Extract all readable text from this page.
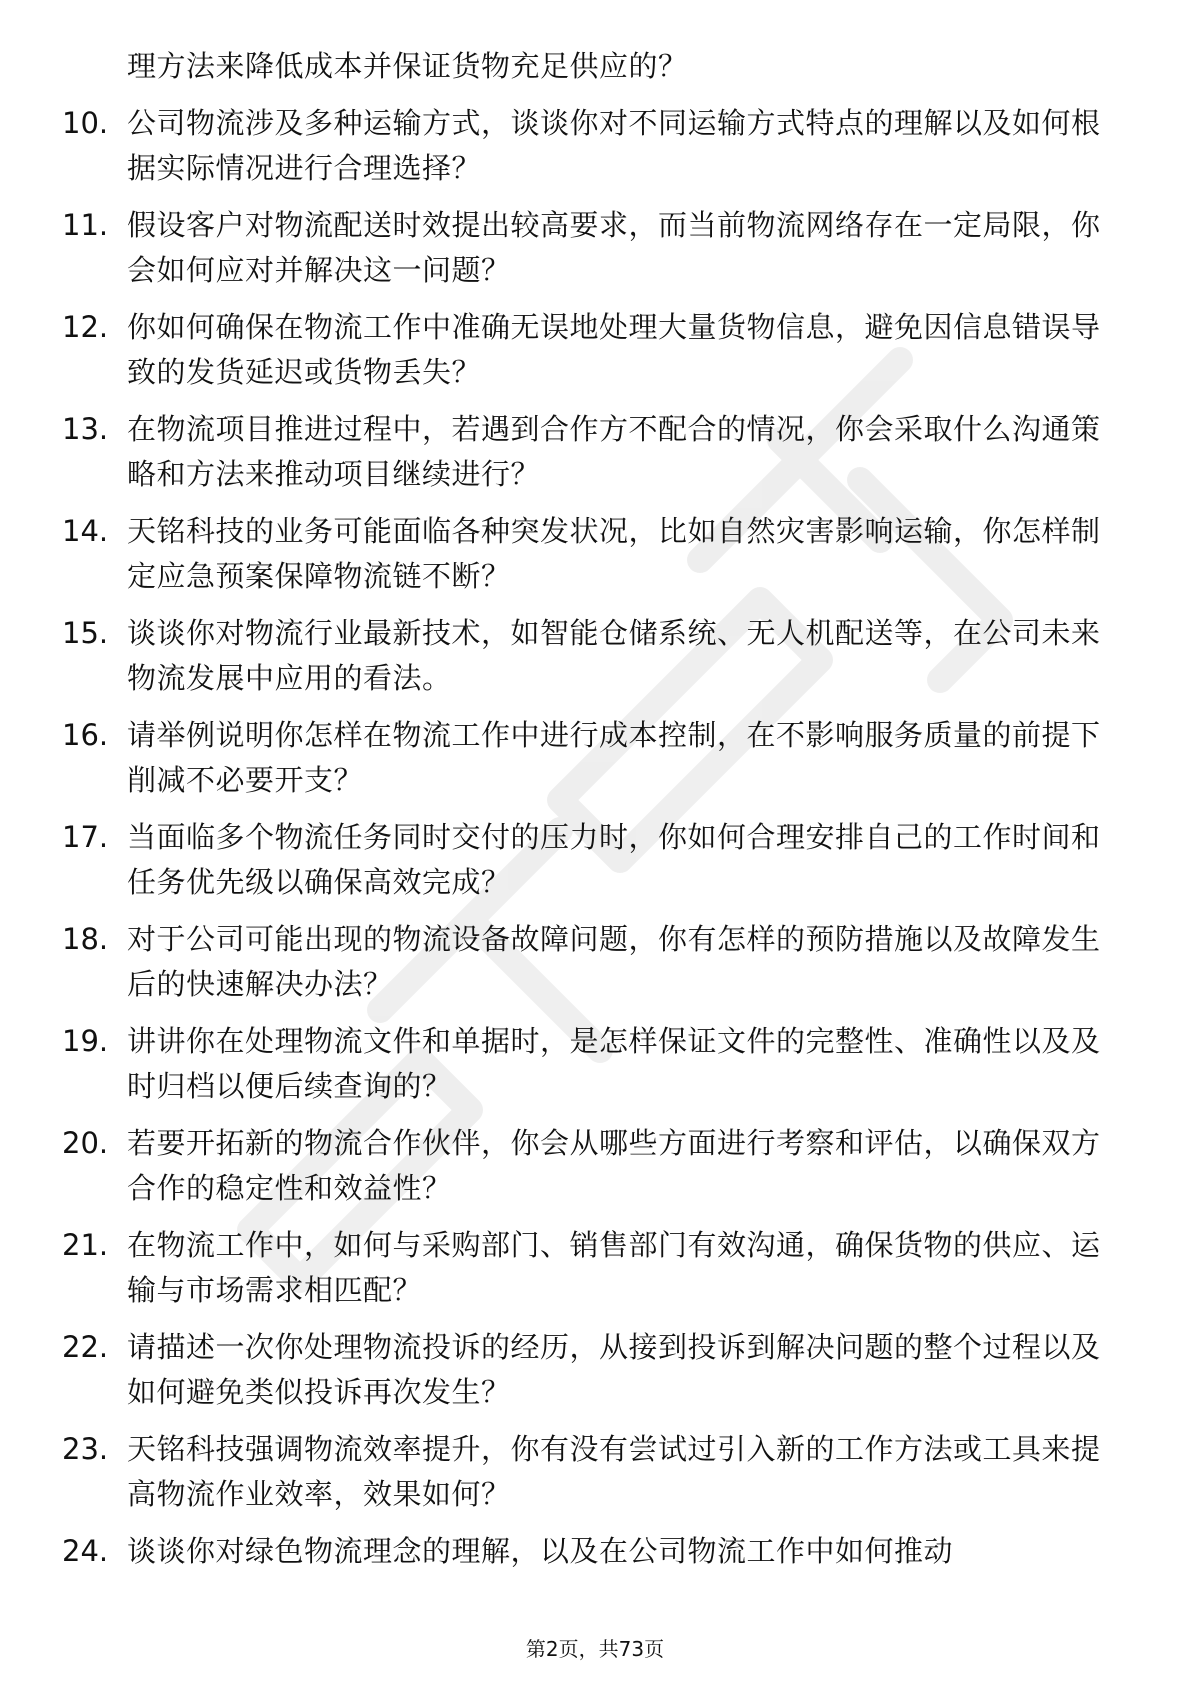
理方法来降低成本并保证货物充足供应的？
10. 公司物流涉及多种运输方式，谈谈你对不同运输方式特点的理解以及如何根据实际情况进行合理选择？
11. 假设客户对物流配送时效提出较高要求，而当前物流网络存在一定局限，你会如何应对并解决这一问题？
12. 你如何确保在物流工作中准确无误地处理大量货物信息，避免因信息错误导致的发货延迟或货物丢失？
13. 在物流项目推进过程中，若遇到合作方不配合的情况，你会采取什么沟通策略和方法来推动项目继续进行？
14. 天铭科技的业务可能面临各种突发状况，比如自然灾害影响运输，你怎样制定应急预案保障物流链不断？
15. 谈谈你对物流行业最新技术，如智能仓储系统、无人机配送等，在公司未来物流发展中应用的看法。
16. 请举例说明你怎样在物流工作中进行成本控制，在不影响服务质量的前提下削减不必要开支？
17. 当面临多个物流任务同时交付的压力时，你如何合理安排自己的工作时间和任务优先级以确保高效完成？
18. 对于公司可能出现的物流设备故障问题，你有怎样的预防措施以及故障发生后的快速解决办法？
19. 讲讲你在处理物流文件和单据时，是怎样保证文件的完整性、准确性以及及时归档以便后续查询的？
20. 若要开拓新的物流合作伙伴，你会从哪些方面进行考察和评估，以确保双方合作的稳定性和效益性？
21. 在物流工作中，如何与采购部门、销售部门有效沟通，确保货物的供应、运输与市场需求相匹配？
22. 请描述一次你处理物流投诉的经历，从接到投诉到解决问题的整个过程以及如何避免类似投诉再次发生？
23. 天铭科技强调物流效率提升，你有没有尝试过引入新的工作方法或工具来提高物流作业效率，效果如何？
24. 谈谈你对绿色物流理念的理解，以及在公司物流工作中如何推动
第2页，共73页
